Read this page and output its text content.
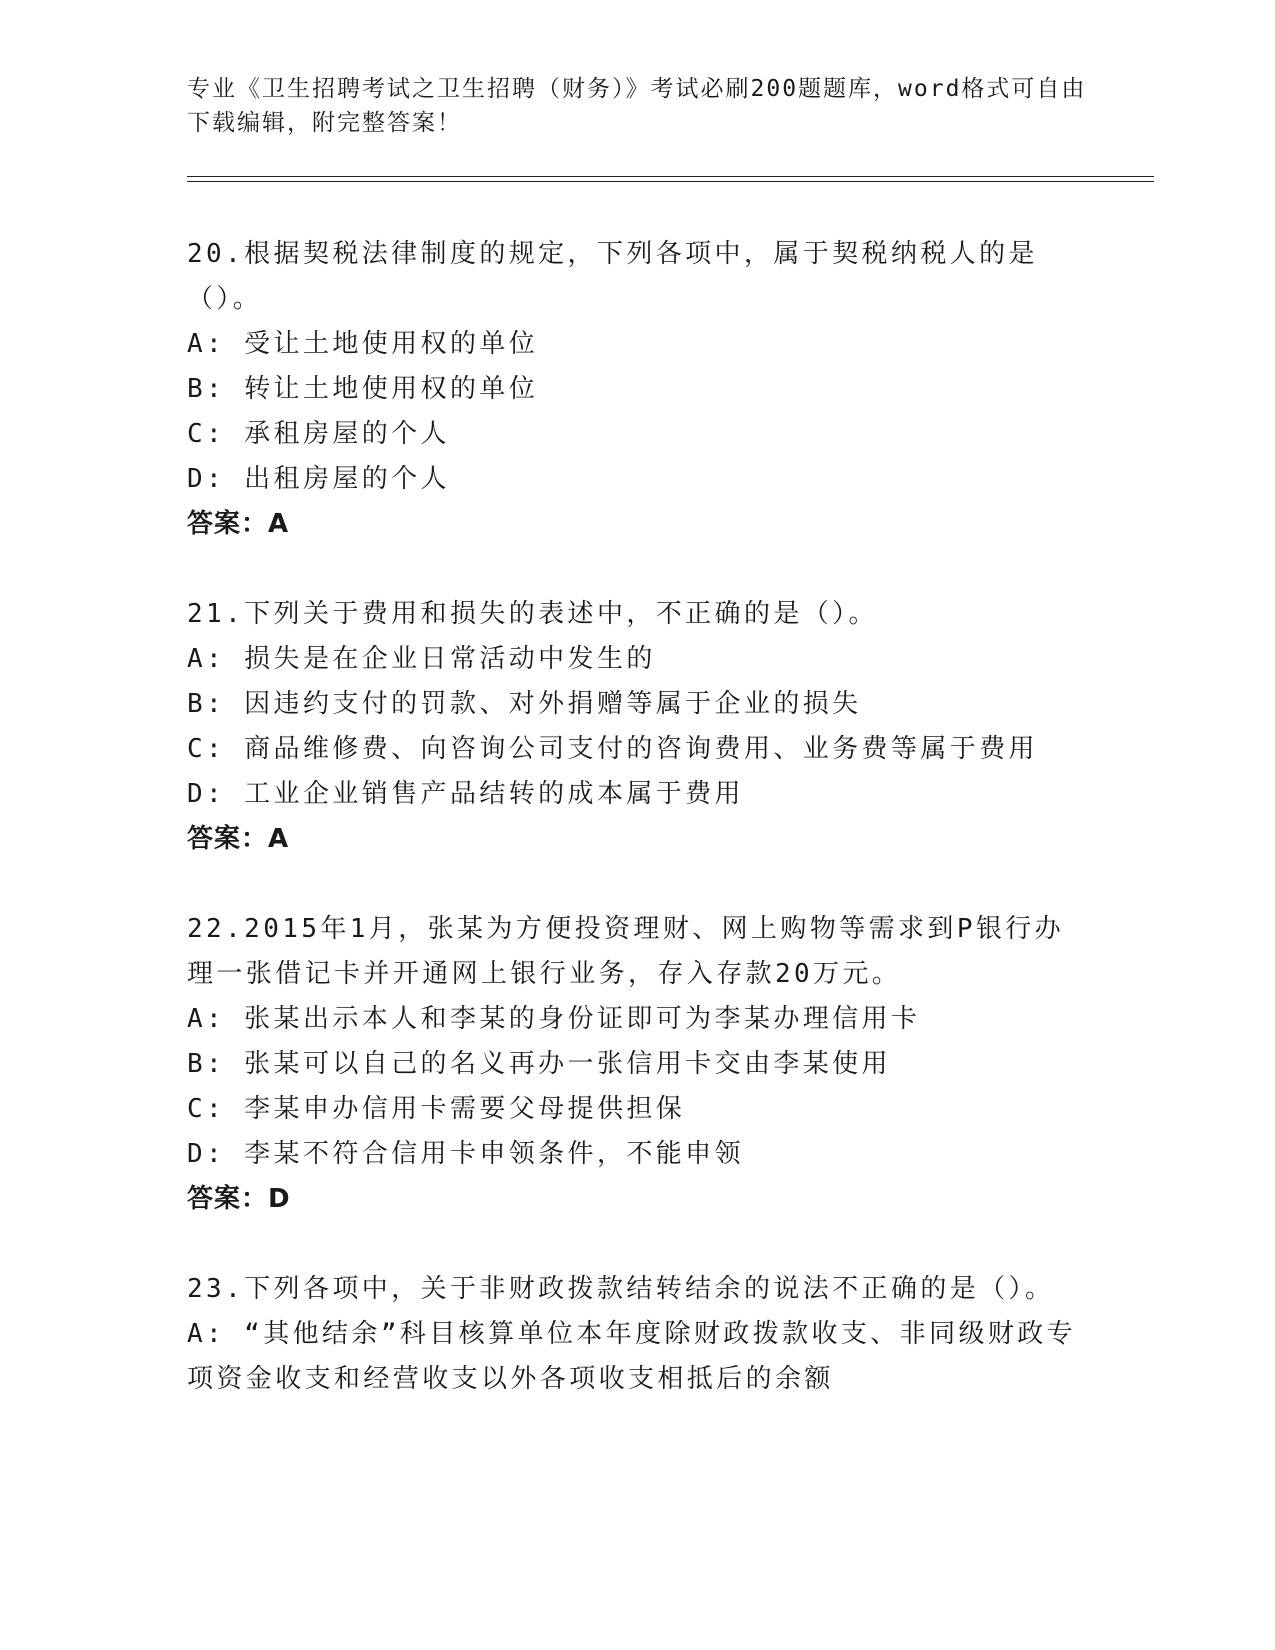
专业《卫生招聘考试之卫生招聘（财务）》考试必刷200题题库，word格式可自由下载编辑，附完整答案！
20.根据契税法律制度的规定，下列各项中，属于契税纳税人的是（）。
A: 受让土地使用权的单位
B: 转让土地使用权的单位
C: 承租房屋的个人
D: 出租房屋的个人
答案：A
21.下列关于费用和损失的表述中，不正确的是（）。
A: 损失是在企业日常活动中发生的
B: 因违约支付的罚款、对外捐赠等属于企业的损失
C: 商品维修费、向咨询公司支付的咨询费用、业务费等属于费用
D: 工业企业销售产品结转的成本属于费用
答案：A
22.2015年1月，张某为方便投资理财、网上购物等需求到P银行办理一张借记卡并开通网上银行业务，存入存款20万元。
A: 张某出示本人和李某的身份证即可为李某办理信用卡
B: 张某可以自己的名义再办一张信用卡交由李某使用
C: 李某申办信用卡需要父母提供担保
D: 李某不符合信用卡申领条件，不能申领
答案：D
23.下列各项中，关于非财政拨款结转结余的说法不正确的是（）。
A: “其他结余”科目核算单位本年度除财政拨款收支、非同级财政专项资金收支和经营收支以外各项收支相抵后的余额
